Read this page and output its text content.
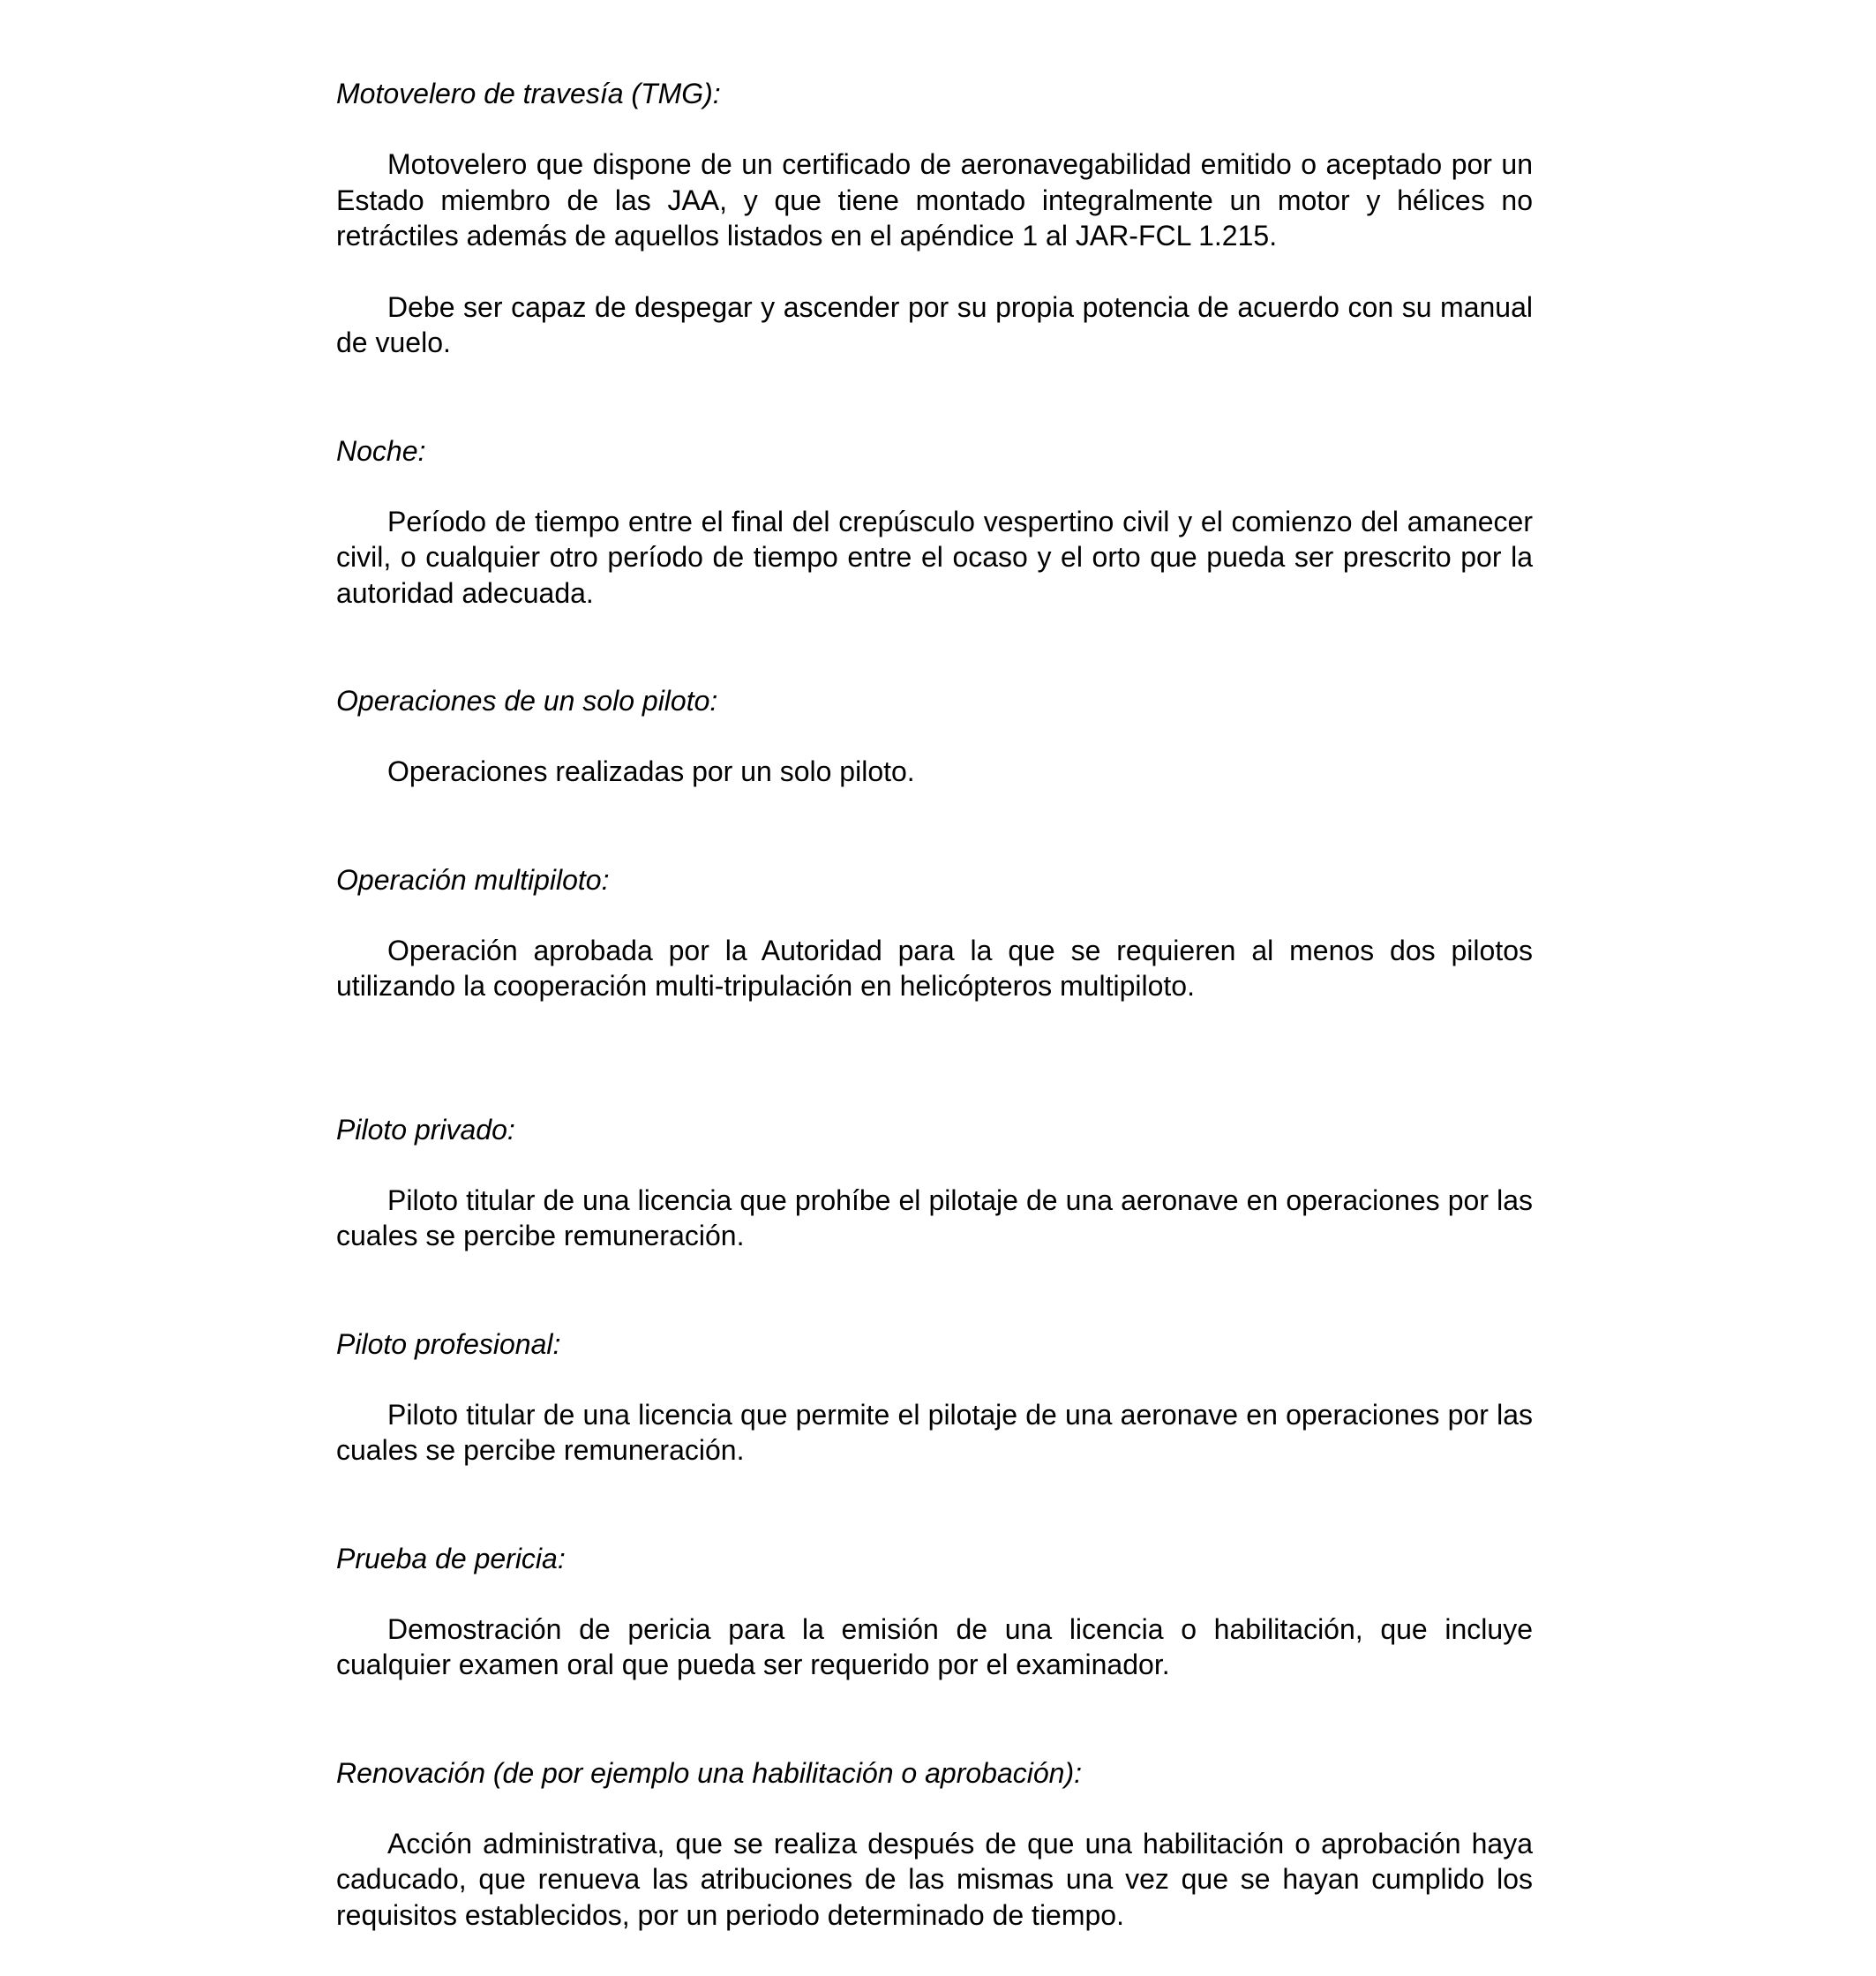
Motovelero de travesía (TMG):

Motovelero que dispone de un certificado de aeronavegabilidad emitido o aceptado por un Estado miembro de las JAA, y que tiene montado integralmente un motor y hélices no retráctiles además de aquellos listados en el apéndice 1 al JAR-FCL 1.215.

Debe ser capaz de despegar y ascender por su propia potencia de acuerdo con su manual de vuelo.

Noche:

Período de tiempo entre el final del crepúsculo vespertino civil y el comienzo del amanecer civil, o cualquier otro período de tiempo entre el ocaso y el orto que pueda ser prescrito por la autoridad adecuada.

Operaciones de un solo piloto:

Operaciones realizadas por un solo piloto.

Operación multipiloto:

Operación aprobada por la Autoridad para la que se requieren al menos dos pilotos utilizando la cooperación multi-tripulación en helicópteros multipiloto.

Piloto privado:

Piloto titular de una licencia que prohíbe el pilotaje de una aeronave en operaciones por las cuales se percibe remuneración.

Piloto profesional:

Piloto titular de una licencia que permite el pilotaje de una aeronave en operaciones por las cuales se percibe remuneración.

Prueba de pericia:

Demostración de pericia para la emisión de una licencia o habilitación, que incluye cualquier examen oral que pueda ser requerido por el examinador.

Renovación (de por ejemplo una habilitación o aprobación):

Acción administrativa, que se realiza después de que una habilitación o aprobación haya caducado, que renueva las atribuciones de las mismas una vez que se hayan cumplido los requisitos establecidos, por un periodo determinado de tiempo.
